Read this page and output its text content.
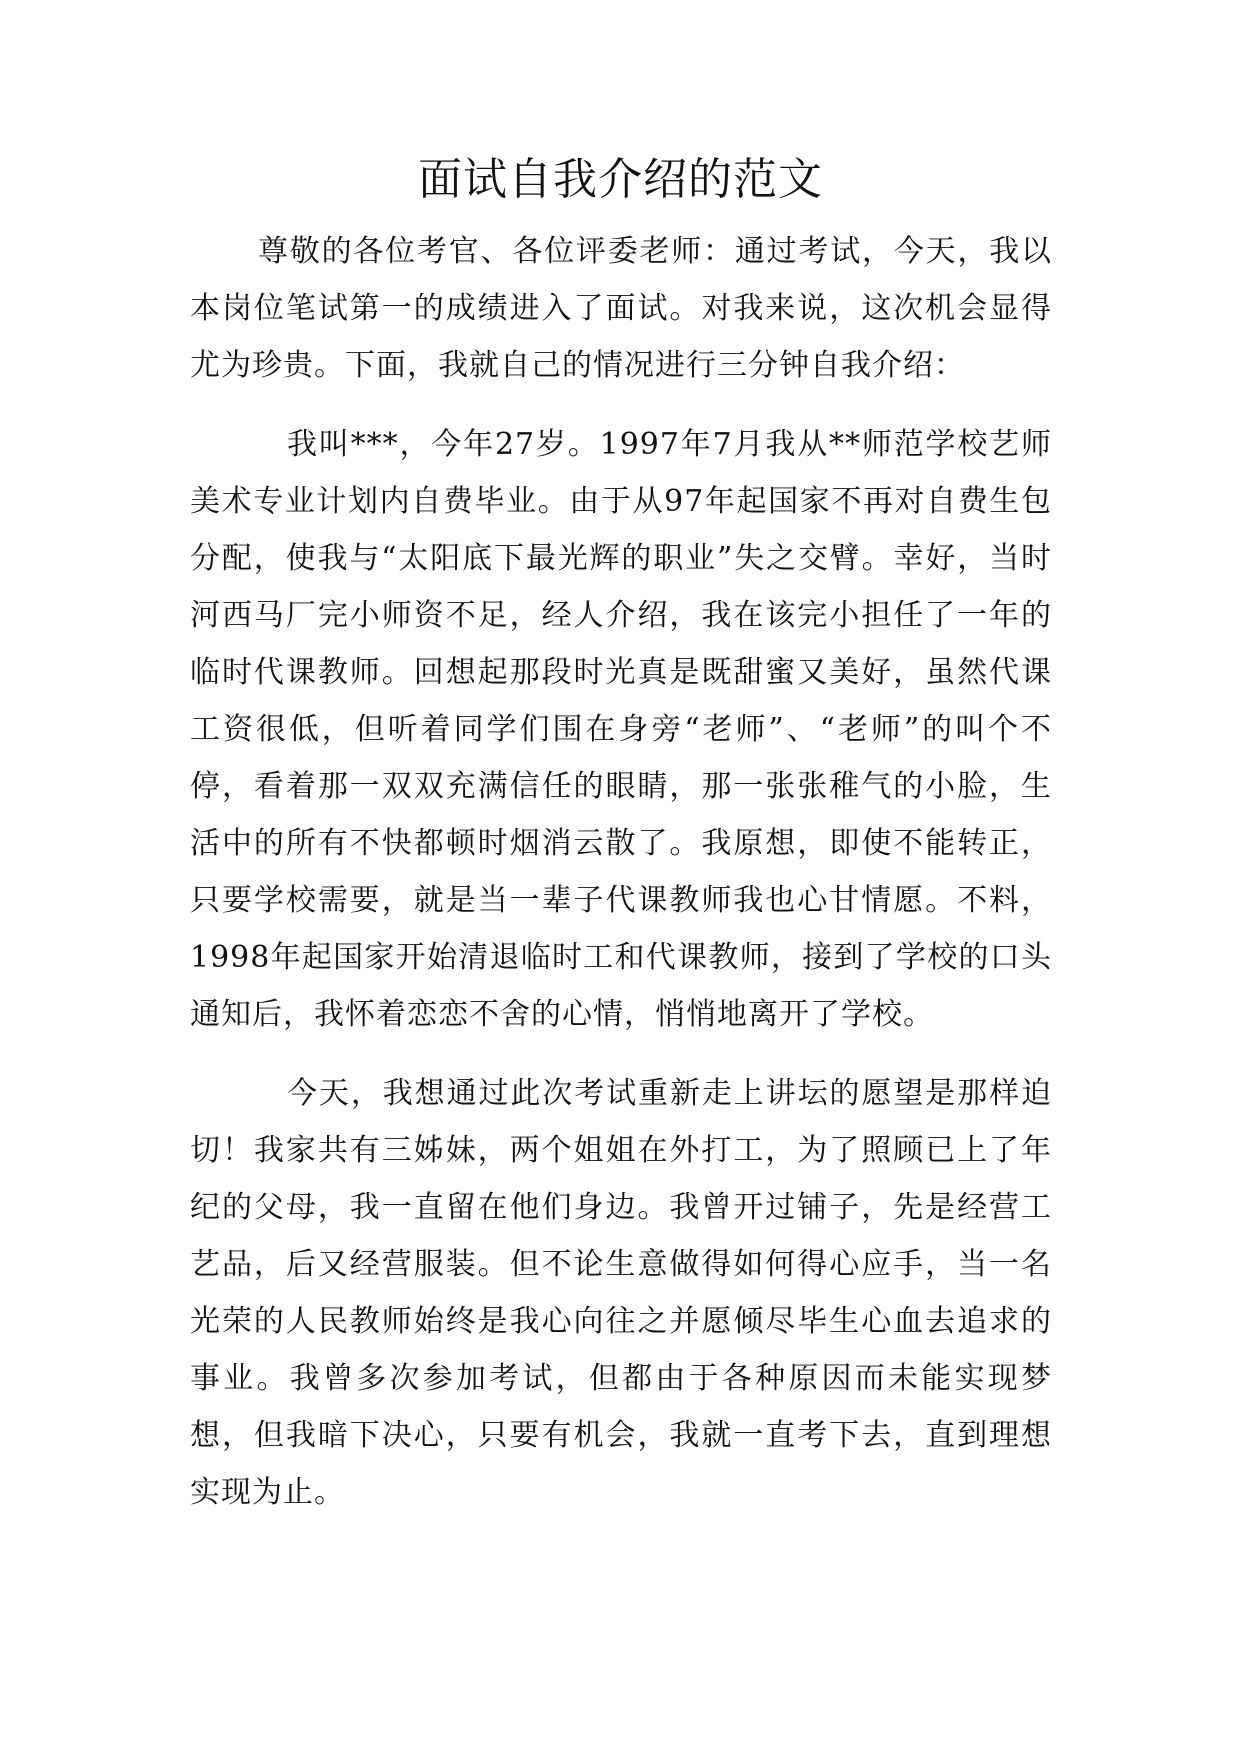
面试自我介绍的范文

尊敬的各位考官、各位评委老师：通过考试，今天，我以本岗位笔试第一的成绩进入了面试。对我来说，这次机会显得尤为珍贵。下面，我就自己的情况进行三分钟自我介绍：

我叫***，今年27岁。1997年7月我从**师范学校艺师美术专业计划内自费毕业。由于从97年起国家不再对自费生包分配，使我与“太阳底下最光辉的职业”失之交臂。幸好，当时河西马厂完小师资不足，经人介绍，我在该完小担任了一年的临时代课教师。回想起那段时光真是既甜蜜又美好，虽然代课工资很低，但听着同学们围在身旁“老师”、“老师”的叫个不停，看着那一双双充满信任的眼睛，那一张张稚气的小脸，生活中的所有不快都顿时烟消云散了。我原想，即使不能转正，只要学校需要，就是当一辈子代课教师我也心甘情愿。不料，1998年起国家开始清退临时工和代课教师，接到了学校的口头通知后，我怀着恋恋不舍的心情，悄悄地离开了学校。

今天，我想通过此次考试重新走上讲坛的愿望是那样迫切！我家共有三姊妹，两个姐姐在外打工，为了照顾已上了年纪的父母，我一直留在他们身边。我曾开过铺子，先是经营工艺品，后又经营服装。但不论生意做得如何得心应手，当一名光荣的人民教师始终是我心向往之并愿倾尽毕生心血去追求的事业。我曾多次参加考试，但都由于各种原因而未能实现梦想，但我暗下决心，只要有机会，我就一直考下去，直到理想实现为止。
